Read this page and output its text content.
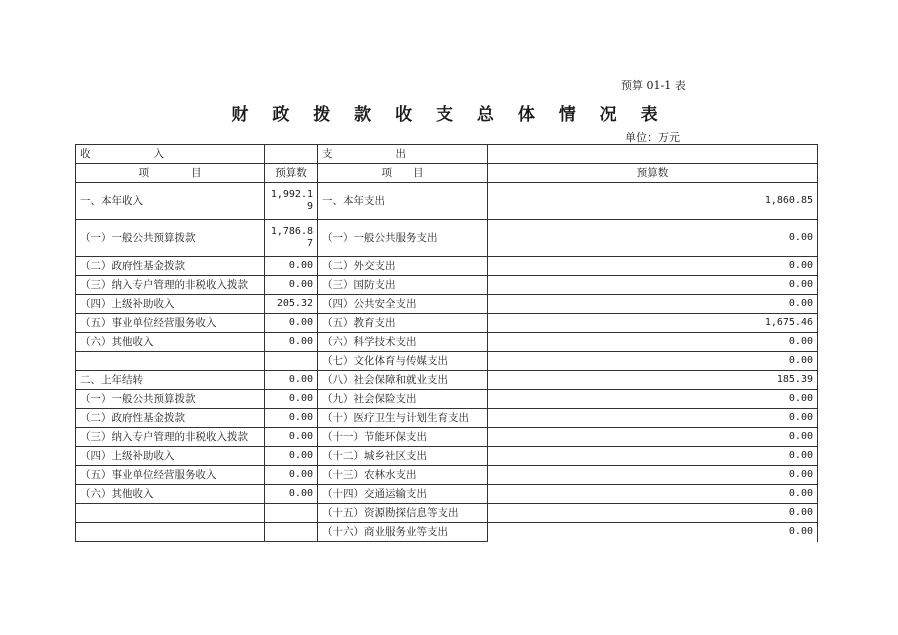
预算 01-1 表
财 政 拨 款 收 支 总 体 情 况 表
单位：万元
收　　　　　　入		支　　　　　　出	
项　　　　目	预算数	项　　目	预算数
一、本年收入	1,992.19	一、本年支出	1,860.85
（一）一般公共预算拨款	1,786.87	（一）一般公共服务支出	0.00
（二）政府性基金拨款	0.00	（二）外交支出	0.00
（三）纳入专户管理的非税收入拨款	0.00	（三）国防支出	0.00
（四）上级补助收入	205.32	（四）公共安全支出	0.00
（五）事业单位经营服务收入	0.00	（五）教育支出	1,675.46
（六）其他收入	0.00	（六）科学技术支出	0.00
		（七）文化体育与传媒支出	0.00
二、上年结转	0.00	（八）社会保障和就业支出	185.39
（一）一般公共预算拨款	0.00	（九）社会保险支出	0.00
（二）政府性基金拨款	0.00	（十）医疗卫生与计划生育支出	0.00
（三）纳入专户管理的非税收入拨款	0.00	（十一）节能环保支出	0.00
（四）上级补助收入	0.00	（十二）城乡社区支出	0.00
（五）事业单位经营服务收入	0.00	（十三）农林水支出	0.00
（六）其他收入	0.00	（十四）交通运输支出	0.00
		（十五）资源勘探信息等支出	0.00
		（十六）商业服务业等支出	0.00
